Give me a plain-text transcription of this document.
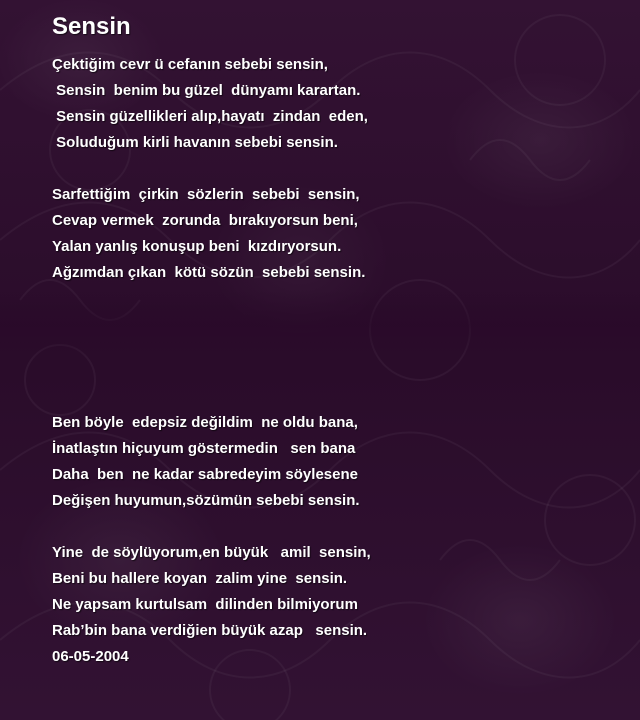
Sensin
Çektiğim cevr ü cefanın sebebi sensin,
Sensin  benim bu güzel  dünyamı karartan.
Sensin güzellikleri alıp,hayatı  zindan  eden,
Soluduğum kirli havanın sebebi sensin.
Sarfettiğim  çirkin  sözlerin  sebebi  sensin,
Cevap vermek  zorunda  bırakıyorsun beni,
Yalan yanlış konuşup beni  kızdıryorsun.
Ağzımdan çıkan  kötü sözün  sebebi sensin.
Ben böyle  edepsiz değildim  ne oldu bana,
İnatlaştın hiçuyum göstermedin   sen bana
Daha  ben  ne kadar sabredeyim söylesene
Değişen huyumun,sözümün sebebi sensin.
Yine  de söylüyorum,en büyük   amil  sensin,
Beni bu hallere koyan  zalim yine  sensin.
Ne yapsam kurtulsam  dilinden bilmiyorum
Rab’bin bana verdiğien büyük azap   sensin.
06-05-2004
